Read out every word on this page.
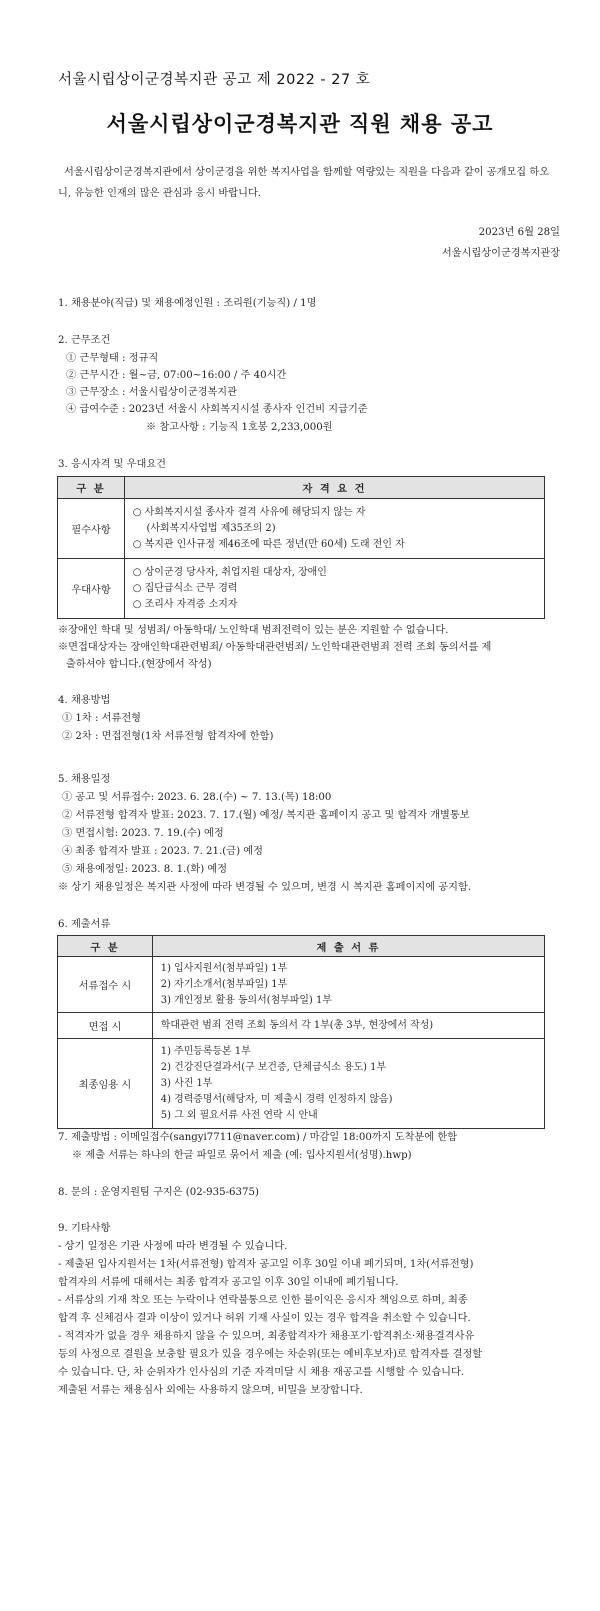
서울시립상이군경복지관 공고 제 2022 - 27 호
서울시립상이군경복지관 직원 채용 공고
서울시립상이군경복지관에서 상이군경을 위한 복지사업을 함께할 역량있는 직원을 다음과 같이 공개모집 하오니, 유능한 인재의 많은 관심과 응시 바랍니다.
2023년 6월 28일
서울시립상이군경복지관장
1. 채용분야(직급) 및 채용예정인원 : 조리원(기능직) / 1명
2. 근무조건
① 근무형태 : 정규직
② 근무시간 : 월~금, 07:00~16:00 / 주 40시간
③ 근무장소 : 서울시립상이군경복지관
④ 급여수준 : 2023년 서울시 사회복지시설 종사자 인건비 지급기준
※ 참고사항 : 기능직 1호봉 2,233,000원
3. 응시자격 및 우대요건
구 분	자 격 요 건
필수사항	○ 사회복지시설 종사자 결격 사유에 해당되지 않는 자
(사회복지사업법 제35조의 2)
○ 복지관 인사규정 제46조에 따른 정년(만 60세) 도래 전인 자

우대사항	○ 상이군경 당사자, 취업지원 대상자, 장애인
○ 집단급식소 근무 경력
○ 조리사 자격증 소지자
※장애인 학대 및 성범죄/ 아동학대/ 노인학대 범죄전력이 있는 분은 지원할 수 없습니다.
※면접대상자는 장애인학대관련범죄/ 아동학대관련범죄/ 노인학대관련범죄 전력 조회 동의서를 제
출하셔야 합니다.(현장에서 작성)
4. 채용방법
① 1차 : 서류전형
② 2차 : 면접전형(1차 서류전형 합격자에 한함)
5. 채용일정
① 공고 및 서류접수: 2023. 6. 28.(수) ~ 7. 13.(목) 18:00
② 서류전형 합격자 발표: 2023. 7. 17.(월) 예정/ 복지관 홈페이지 공고 및 합격자 개별통보
③ 면접시험: 2023. 7. 19.(수) 예정
④ 최종 합격자 발표 : 2023. 7. 21.(금) 예정
⑤ 채용예정일: 2023. 8. 1.(화) 예정
※ 상기 채용일정은 복지관 사정에 따라 변경될 수 있으며, 변경 시 복지관 홈페이지에 공지함.
6. 제출서류
구 분	제 출 서 류
서류접수 시	1) 입사지원서(첨부파일) 1부
2) 자기소개서(첨부파일) 1부
3) 개인정보 활용 동의서(첨부파일) 1부

면접 시	학대관련 범죄 전력 조회 동의서 각 1부(총 3부, 현장에서 작성)

최종임용 시	1) 주민등록등본 1부
2) 건강진단결과서(구 보건증, 단체급식소 용도) 1부
3) 사진 1부
4) 경력증명서(해당자, 미 제출시 경력 인정하지 않음)
5) 그 외 필요서류 사전 연락 시 안내
7. 제출방법 : 이메일접수(sangyi7711@naver.com) / 마감일 18:00까지 도착분에 한함
※ 제출 서류는 하나의 한글 파일로 묶어서 제출 (예: 입사지원서(성명).hwp)
8. 문의 : 운영지원팀 구지은 (02-935-6375)
9. 기타사항
- 상기 일정은 기관 사정에 따라 변경될 수 있습니다.
- 제출된 입사지원서는 1차(서류전형) 합격자 공고일 이후 30일 이내 폐기되며, 1차(서류전형)
합격자의 서류에 대해서는 최종 합격자 공고일 이후 30일 이내에 폐기됩니다.
- 서류상의 기재 착오 또는 누락이나 연락불통으로 인한 불이익은 응시자 책임으로 하며, 최종
합격 후 신체검사 결과 이상이 있거나 허위 기재 사실이 있는 경우 합격을 취소할 수 있습니다.
- 적격자가 없을 경우 채용하지 않을 수 있으며, 최종합격자가 채용포기·합격취소·채용결격사유
등의 사정으로 결원을 보충할 필요가 있을 경우에는 차순위(또는 예비후보자)로 합격자를 결정할
수 있습니다. 단, 차 순위자가 인사심의 기준 자격미달 시 채용 재공고를 시행할 수 있습니다.
제출된 서류는 채용심사 외에는 사용하지 않으며, 비밀을 보장합니다.
